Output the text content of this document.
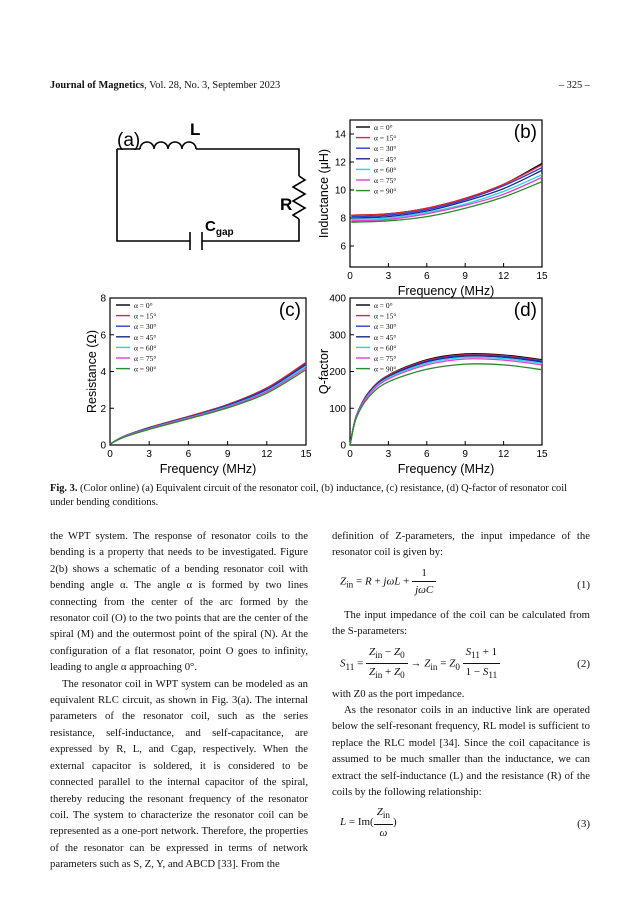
Journal of Magnetics, Vol. 28, No. 3, September 2023	– 325 –
(a)
L
R
$C_{gap}$
0	3	6	9	12	15
6
8
10
12
14
Frequency (MHz)
Inductance (μH)
α = 0°
α = 15°
α = 30°
α = 45°
α = 60°
α = 75°
α = 90°
(b)
0	3	6	9	12	15
0
2
4
6
8
Frequency (MHz)
Resistance (Ω)
α = 0°
α = 15°
α = 30°
α = 45°
α = 60°
α = 75°
α = 90°
(c)
0	3	6	9	12	15
0
100
200
300
400
Frequency (MHz)
Q-factor
α = 0°
α = 15°
α = 30°
α = 45°
α = 60°
α = 75°
α = 90°
(d)
Fig. 3. (Color online) (a) Equivalent circuit of the resonator coil, (b) inductance, (c) resistance, (d) Q-factor of resonator coil under bending conditions.

the WPT system. The response of resonator coils to the bending is a property that needs to be investigated. Figure 2(b) shows a schematic of a bending resonator coil with bending angle α. The angle α is formed by two lines connecting from the center of the arc formed by the resonator coil (O) to the two points that are the center of the spiral (M) and the outermost point of the spiral (N). At the configuration of a flat resonator, point O goes to infinity, leading to angle α approaching 0°.

The resonator coil in WPT system can be modeled as an equivalent RLC circuit, as shown in Fig. 3(a). The internal parameters of the resonator coil, such as the series resistance, self-inductance, and self-capacitance, are expressed by R, L, and Cgap, respectively. When the external capacitor is soldered, it is considered to be connected parallel to the internal capacitor of the spiral, thereby reducing the resonant frequency of the resonator coil. The system to characterize the resonator coil can be represented as a one-port network. Therefore, the properties of the resonator can be expressed in terms of network parameters such as S, Z, Y, and ABCD [33]. From the

definition of Z-parameters, the input impedance of the resonator coil is given by:

$Z_{in} = R + j\omega L + \frac{1}{\text{jωC}}$	(1)

The input impedance of the coil can be calculated from the S-parameters:

$S_{11} = \frac{Z_{in} - Z_0}{Z_{in} + Z_0} \to Z_{in} = Z_0 \frac{S_{11} + 1}{1 - S_{11}}$	(2)

with Z0 as the port impedance.

As the resonator coils in an inductive link are operated below the self-resonant frequency, RL model is sufficient to replace the RLC model [34]. Since the coil capacitance is assumed to be much smaller than the inductance, we can extract the self-inductance (L) and the resistance (R) of the coils by the following relationship:

$L = Im( \frac{Z_{in}}{\omega}$ )	(3)
